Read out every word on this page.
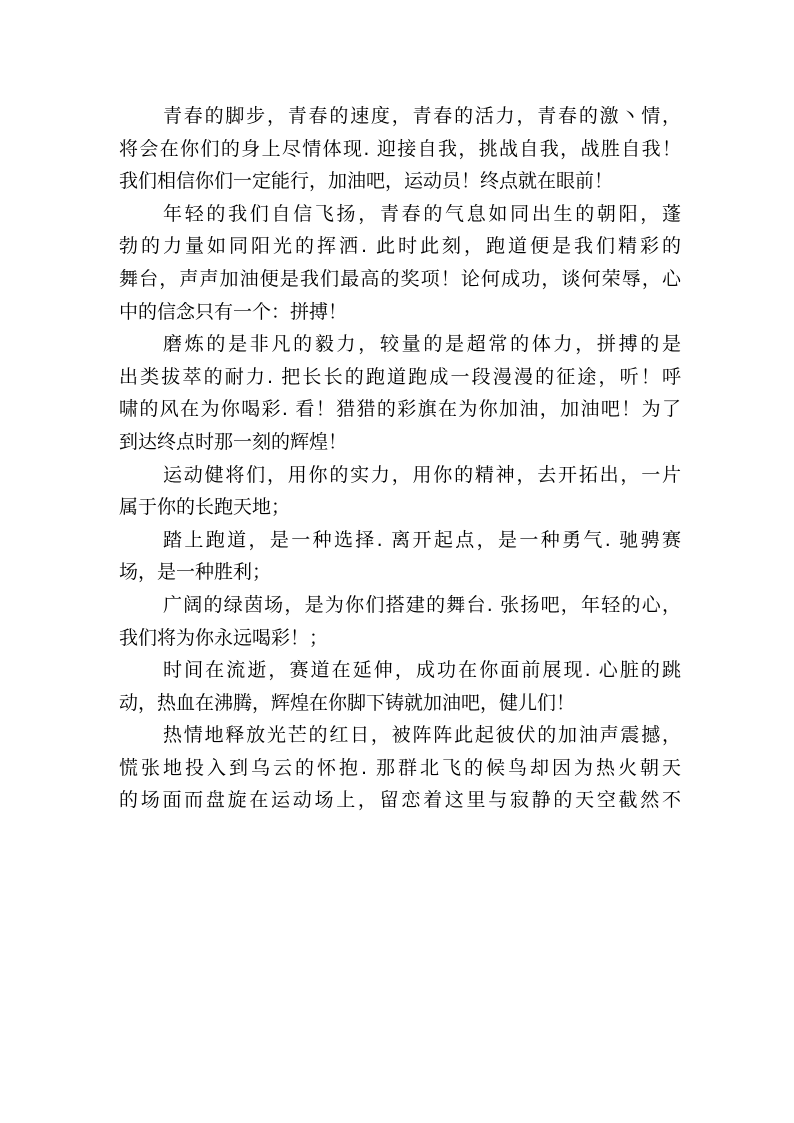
青春的脚步，青春的速度，青春的活力，青春的激丶情，
将会在你们的身上尽情体现. 迎接自我，挑战自我，战胜自我！
我们相信你们一定能行，加油吧，运动员！终点就在眼前！
年轻的我们自信飞扬，青春的气息如同出生的朝阳，蓬
勃的力量如同阳光的挥洒. 此时此刻，跑道便是我们精彩的
舞台，声声加油便是我们最高的奖项！论何成功，谈何荣辱，心
中的信念只有一个：拼搏！
磨炼的是非凡的毅力，较量的是超常的体力，拼搏的是
出类拔萃的耐力. 把长长的跑道跑成一段漫漫的征途，听！呼
啸的风在为你喝彩. 看！猎猎的彩旗在为你加油，加油吧！为了
到达终点时那一刻的辉煌！
运动健将们，用你的实力，用你的精神，去开拓出，一片
属于你的长跑天地；
踏上跑道，是一种选择. 离开起点，是一种勇气. 驰骋赛
场，是一种胜利；
广阔的绿茵场，是为你们搭建的舞台. 张扬吧，年轻的心，
我们将为你永远喝彩！；
时间在流逝，赛道在延伸，成功在你面前展现. 心脏的跳
动，热血在沸腾，辉煌在你脚下铸就加油吧，健儿们！
热情地释放光芒的红日，被阵阵此起彼伏的加油声震撼，
慌张地投入到乌云的怀抱. 那群北飞的候鸟却因为热火朝天
的场面而盘旋在运动场上，留恋着这里与寂静的天空截然不
